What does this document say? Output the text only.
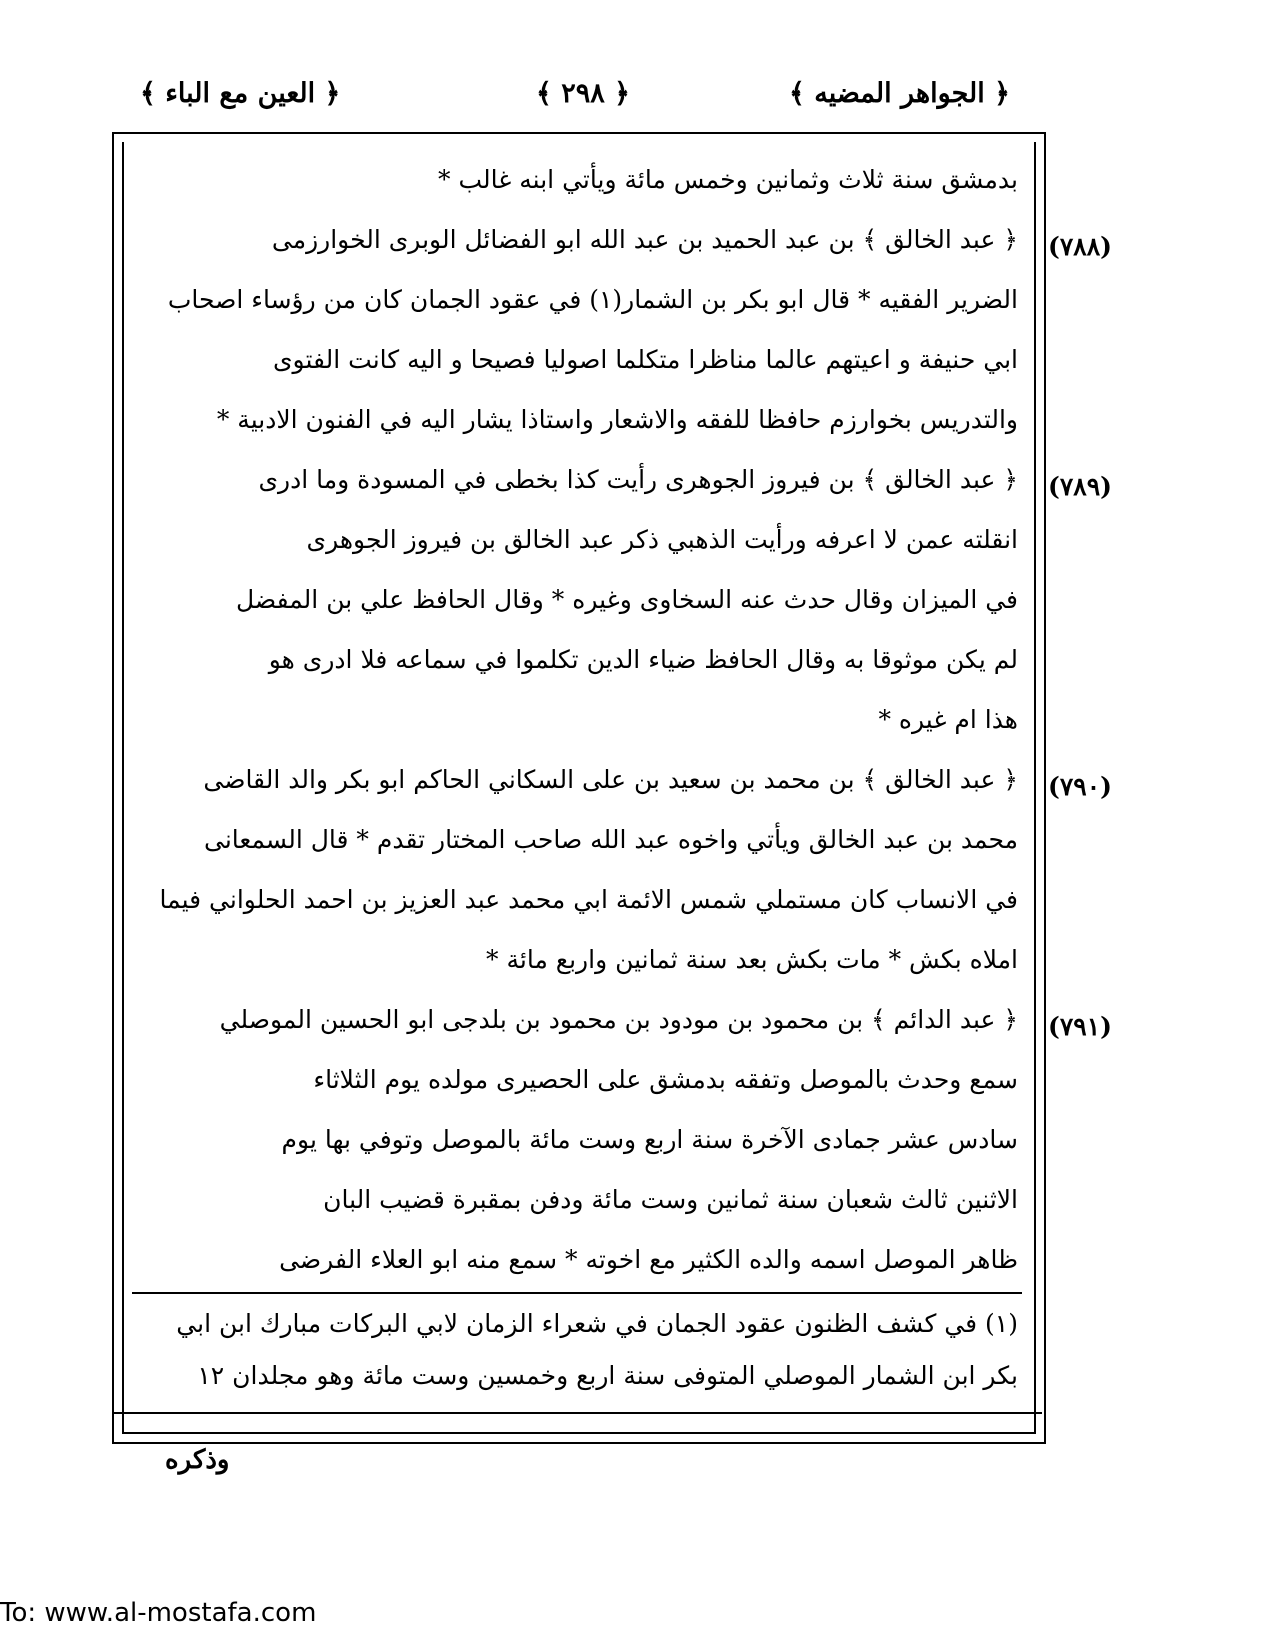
﴿ الجواهر المضيه ﴾
﴿ ٢٩٨ ﴾
﴿ العين مع الباء ﴾
بدمشق سنة ثلاث وثمانين وخمس مائة ويأتي ابنه غالب *
﴿ عبد الخالق ﴾ بن عبد الحميد بن عبد الله ابو الفضائل الوبرى الخوارزمى
الضرير الفقيه * قال ابو بكر بن الشمار(١) في عقود الجمان كان من رؤساء اصحاب
ابي حنيفة و اعيتهم عالما مناظرا متكلما اصوليا فصيحا و اليه كانت الفتوى
والتدريس بخوارزم حافظا للفقه والاشعار واستاذا يشار اليه في الفنون الادبية *
﴿ عبد الخالق ﴾ بن فيروز الجوهرى رأيت كذا بخطى في المسودة وما ادرى
انقلته عمن لا اعرفه ورأيت الذهبي ذكر عبد الخالق بن فيروز الجوهرى
في الميزان وقال حدث عنه السخاوى وغيره * وقال الحافظ علي بن المفضل
لم يكن موثوقا به وقال الحافظ ضياء الدين تكلموا في سماعه فلا ادرى هو
هذا ام غيره *
﴿ عبد الخالق ﴾ بن محمد بن سعيد بن على السكاني الحاكم ابو بكر والد القاضى
محمد بن عبد الخالق ويأتي واخوه عبد الله صاحب المختار تقدم * قال السمعانى
في الانساب كان مستملي شمس الائمة ابي محمد عبد العزيز بن احمد الحلواني فيما
املاه بكش * مات بكش بعد سنة ثمانين واربع مائة *
﴿ عبد الدائم ﴾ بن محمود بن مودود بن محمود بن بلدجى ابو الحسين الموصلي
سمع وحدث بالموصل وتفقه بدمشق على الحصيرى مولده يوم الثلاثاء
سادس عشر جمادى الآخرة سنة اربع وست مائة بالموصل وتوفي بها يوم
الاثنين ثالث شعبان سنة ثمانين وست مائة ودفن بمقبرة قضيب البان
ظاهر الموصل اسمه والده الكثير مع اخوته * سمع منه ابو العلاء الفرضى
(٧٨٨)
(٧٨٩)
(٧٩٠)
(٧٩١)
(١) في كشف الظنون عقود الجمان في شعراء الزمان لابي البركات مبارك ابن ابي
بكر ابن الشمار الموصلي المتوفى سنة اربع وخمسين وست مائة وهو مجلدان ١٢
وذكره
To: www.al-mostafa.com
